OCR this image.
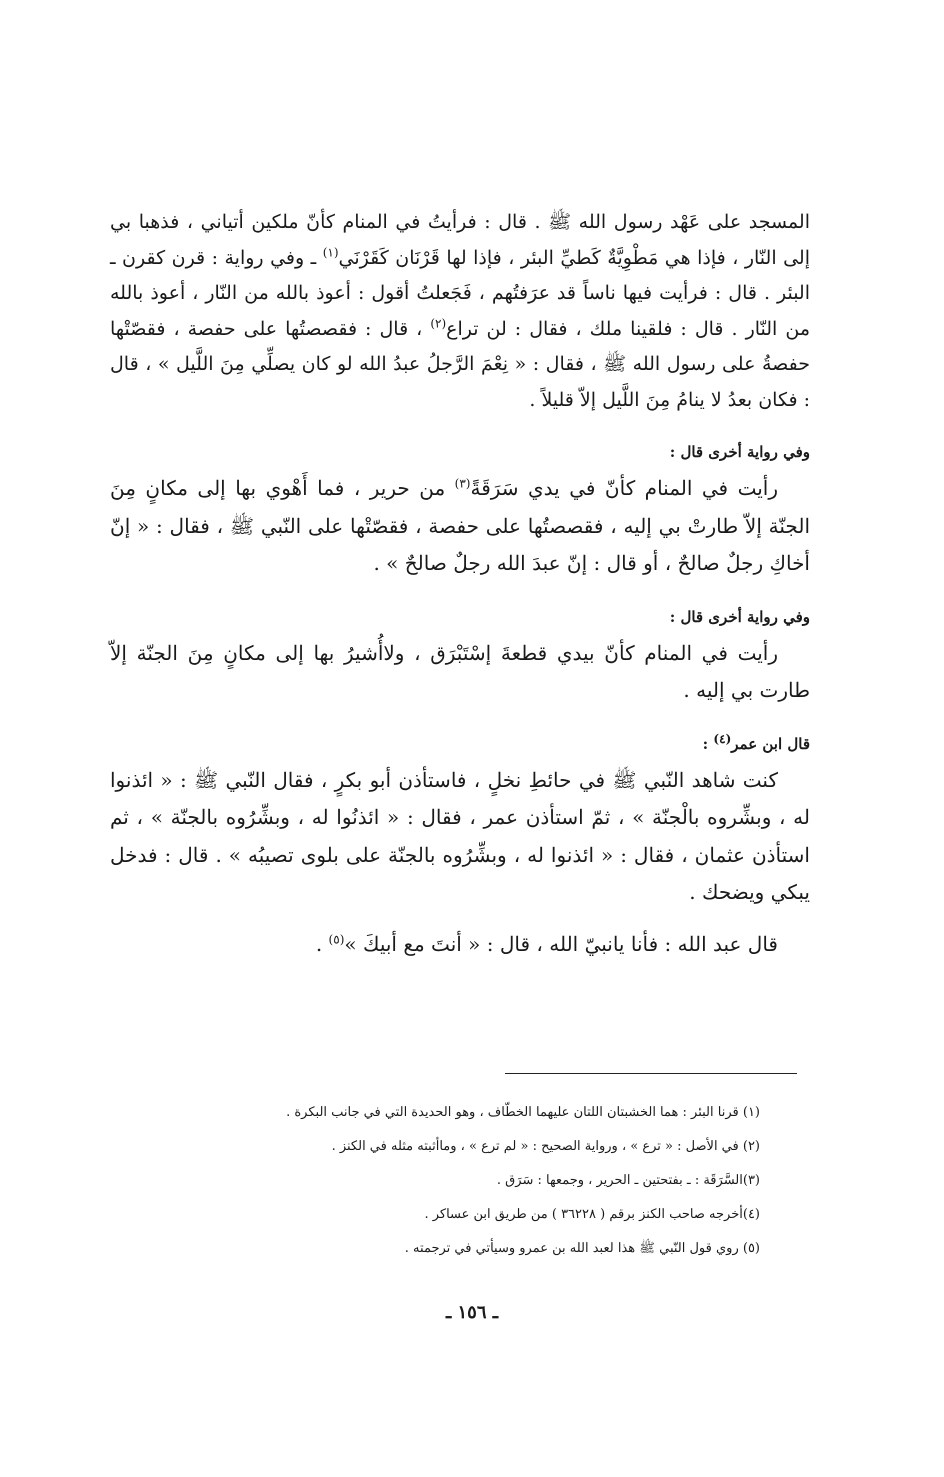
المسجد على عَهْد رسول الله ﷺ . قال : فرأيتُ في المنام كأنّ ملكين أتياني ، فذهبا بي إلى النّار ، فإذا هي مَطْوِيَّةٌ كَطيِّ البئر ، فإذا لها قَرْنَان كَقَرْنَي$^{(١)}$ ـ وفي رواية : قرن كقرن ـ البئر . قال : فرأيت فيها ناساً قد عرَفتُهم ، فَجَعلتُ أقول : أعوذ بالله من النّار ، أعوذ بالله من النّار . قال : فلقينا ملك ، فقال : لن تراع$^{(٢)}$ ، قال : فقصصتُها على حفصة ، فقصّتْها حفصةُ على رسول الله ﷺ ، فقال : « نِعْمَ الرَّجلُ عبدُ الله لو كان يصلِّي مِنَ اللَّيل » ، قال : فكان بعدُ لا ينامُ مِنَ اللَّيل إلاّ قليلاً .

وفي رواية أخرى قال :

رأيت في المنام كأنّ في يدي سَرَقَةً$^{(٣)}$ من حرير ، فما أَهْوي بها إلى مكانٍ مِنَ الجنّة إلاّ طارتْ بي إليه ، فقصصتُها على حفصة ، فقصّتْها على النّبي ﷺ ، فقال : « إنّ أخاكِ رجلٌ صالحٌ ، أو قال : إنّ عبدَ الله رجلٌ صالحٌ » .

وفي رواية أخرى قال :

رأيت في المنام كأنّ بيدي قطعةَ إسْتَبْرَق ، ولاأُشيرُ بها إلى مكانٍ مِنَ الجنّة إلاّ طارت بي إليه .

قال ابن عمر$^{(٤)}$ :

كنت شاهد النّبي ﷺ في حائطِ نخلٍ ، فاستأذن أبو بكرٍ ، فقال النّبي ﷺ : « ائذنوا له ، وبشِّروه بالْجنّة » ، ثمّ استأذن عمر ، فقال : « ائذنُوا له ، وبشِّرُوه بالجنّة » ، ثم استأذن عثمان ، فقال : « ائذنوا له ، وبشِّرُوه بالجنّة على بلوى تصيبُه » . قال : فدخل يبكي ويضحك .

قال عبد الله : فأنا يانبيّ الله ، قال : « أنتَ مع أبيكَ »$^{(٥)}$ .

(١) قرنا البئر : هما الخشبتان اللتان عليهما الخطّاف ، وهو الحديدة التي في جانب البكرة .
(٢) في الأصل : « ترع » ، ورواية الصحيح : « لم ترع » ، وماأثبته مثله في الكنز .
(٣)السَّرَقَة : ـ بفتحتين ـ الحرير ، وجمعها : سَرَق .
(٤)أخرجه صاحب الكنز برقم ( ٣٦٢٢٨ ) من طريق ابن عساكر .
(٥) روي قول النّبي ﷺ هذا لعبد الله بن عمرو وسيأتي في ترجمته .
ـ ١٥٦ ـ
